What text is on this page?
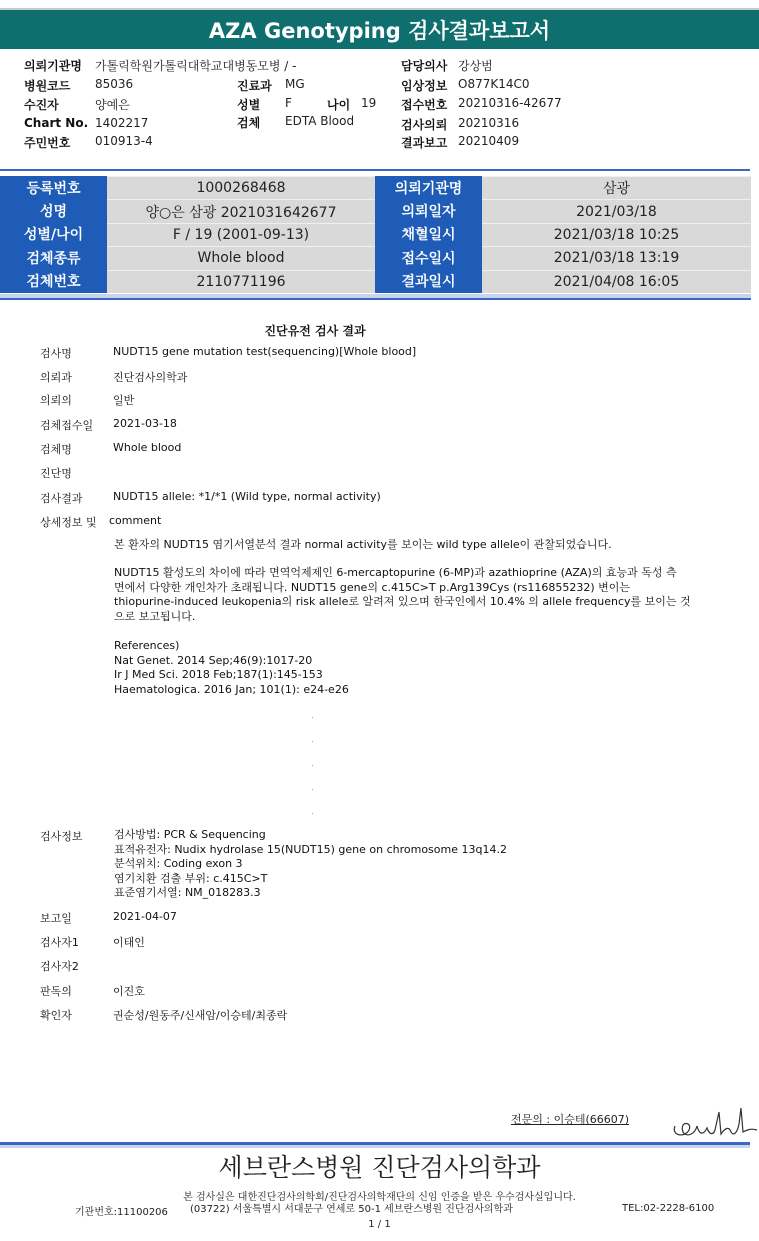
AZA Genotyping 검사결과보고서
의뢰기관명 가톨릭학원가톨릭대학교대병동모병 / -	담당의사 강상범
병원코드 85036	진료과 MG	임상정보 O877K14C0
수진자	양예은	성별 F	나이 19 접수번호 20210316-42677
Chart No. 1402217	검체 EDTA Blood	검사의뢰 20210316
주민번호 010913-4	결과보고 20210409
등록번호	1000268468	의뢰기관명	삼광
성명	양○은 삼광 2021031642677	의뢰일자	2021/03/18
성별/나이	F / 19 (2001-09-13)	채혈일시	2021/03/18 10:25
검체종류	Whole blood	접수일시	2021/03/18 13:19
검체번호	2110771196	결과일시	2021/04/08 16:05
진단유전 검사 결과
검사명	NUDT15 gene mutation test(sequencing)[Whole blood]
의뢰과	진단검사의학과
의뢰의	일반
검체접수일 2021-03-18
검체명	Whole blood
진단명
검사결과	NUDT15 allele: *1/*1 (Wild type, normal activity)
상세정보 및 comment
본 환자의 NUDT15 염기서열분석 결과 normal activity를 보이는 wild type allele이 관찰되었습니다.
NUDT15 활성도의 차이에 따라 면역억제제인 6-mercaptopurine (6-MP)과 azathioprine (AZA)의 효능과 독성 측
면에서 다양한 개인차가 초래됩니다. NUDT15 gene의 c.415C>T p.Arg139Cys (rs116855232) 변이는
thiopurine-induced leukopenia의 risk allele로 알려져 있으며 한국인에서 10.4% 의 allele frequency를 보이는 것
으로 보고됩니다.
References)
Nat Genet. 2014 Sep;46(9):1017-20
Ir J Med Sci. 2018 Feb;187(1):145-153
Haematologica. 2016 Jan; 101(1): e24-e26
검사정보	검사방법: PCR & Sequencing
표적유전자: Nudix hydrolase 15(NUDT15) gene on chromosome 13q14.2
분석위치: Coding exon 3
염기치환 검출 부위: c.415C>T
표준염기서열: NM_018283.3
보고일	2021-04-07
검사자1	이태인
검사자2
판독의	이진호
확인자	권순성/원동주/신새암/이승테/최종락
전문의 : 이승테(66607)
세브란스병원 진단검사의학과
본 검사실은 대한진단검사의학회/진단검사의학재단의 신임 인증을 받은 우수검사실입니다.
기관번호:11100206 (03722) 서울특별시 서대문구 연세로 50-1 세브란스병원 진단검사의학과	TEL:02-2228-6100
1 / 1
